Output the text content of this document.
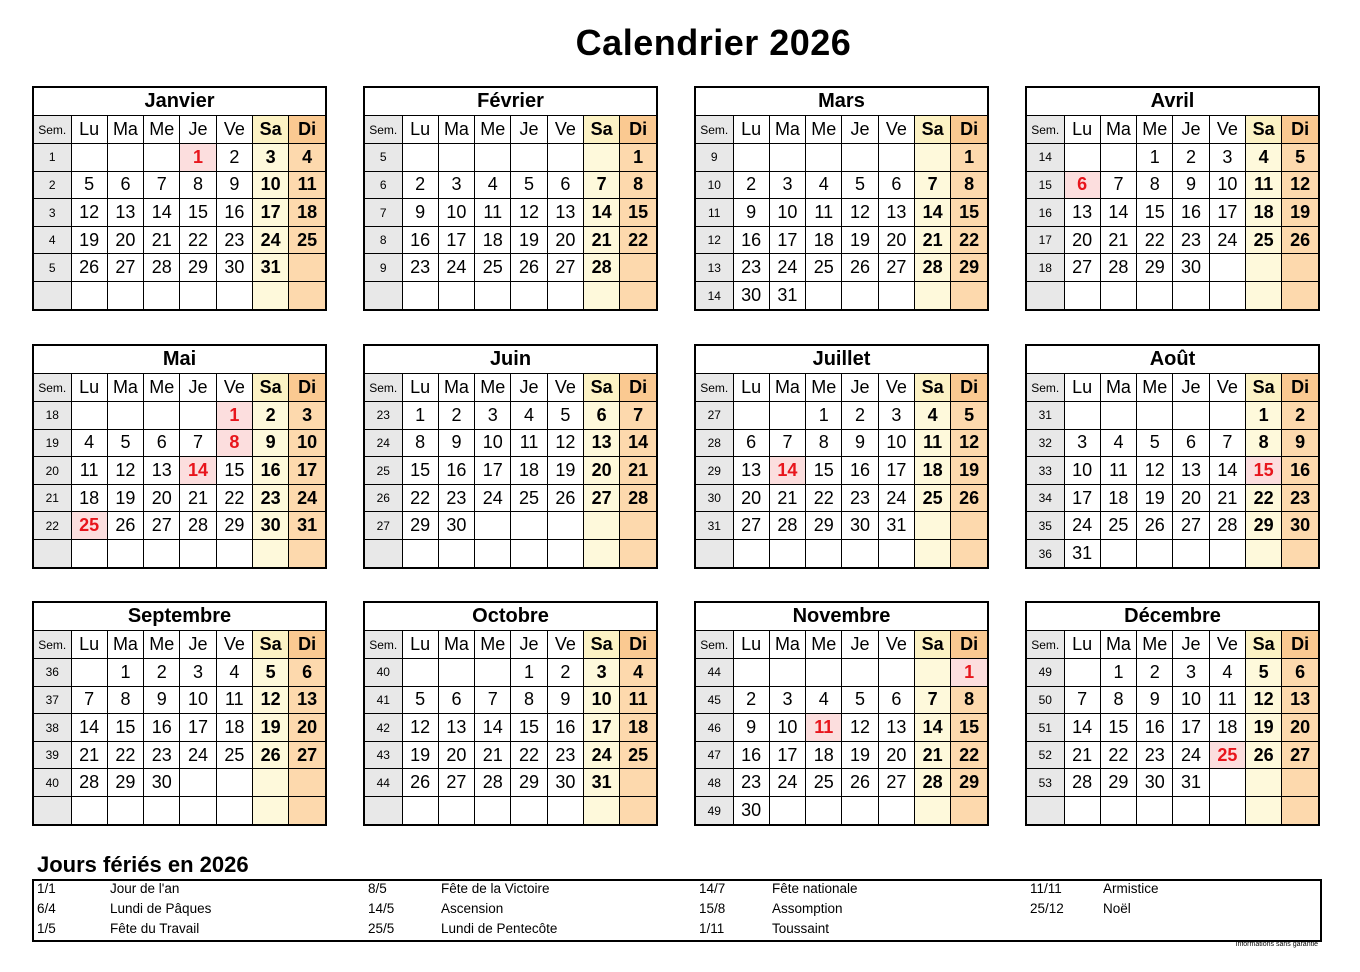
Calendrier 2026
Janvier
Sem.	Lu	Ma	Me	Je	Ve	Sa	Di
1				1	2	3	4
2	5	6	7	8	9	10	11
3	12	13	14	15	16	17	18
4	19	20	21	22	23	24	25
5	26	27	28	29	30	31	

Février
Sem.	Lu	Ma	Me	Je	Ve	Sa	Di
5							1
6	2	3	4	5	6	7	8
7	9	10	11	12	13	14	15
8	16	17	18	19	20	21	22
9	23	24	25	26	27	28	

Mars
Sem.	Lu	Ma	Me	Je	Ve	Sa	Di
9							1
10	2	3	4	5	6	7	8
11	9	10	11	12	13	14	15
12	16	17	18	19	20	21	22
13	23	24	25	26	27	28	29
14	30	31					
Avril
Sem.	Lu	Ma	Me	Je	Ve	Sa	Di
14			1	2	3	4	5
15	6	7	8	9	10	11	12
16	13	14	15	16	17	18	19
17	20	21	22	23	24	25	26
18	27	28	29	30			

Mai
Sem.	Lu	Ma	Me	Je	Ve	Sa	Di
18					1	2	3
19	4	5	6	7	8	9	10
20	11	12	13	14	15	16	17
21	18	19	20	21	22	23	24
22	25	26	27	28	29	30	31

Juin
Sem.	Lu	Ma	Me	Je	Ve	Sa	Di
23	1	2	3	4	5	6	7
24	8	9	10	11	12	13	14
25	15	16	17	18	19	20	21
26	22	23	24	25	26	27	28
27	29	30					

Juillet
Sem.	Lu	Ma	Me	Je	Ve	Sa	Di
27			1	2	3	4	5
28	6	7	8	9	10	11	12
29	13	14	15	16	17	18	19
30	20	21	22	23	24	25	26
31	27	28	29	30	31		

Août
Sem.	Lu	Ma	Me	Je	Ve	Sa	Di
31						1	2
32	3	4	5	6	7	8	9
33	10	11	12	13	14	15	16
34	17	18	19	20	21	22	23
35	24	25	26	27	28	29	30
36	31						
Septembre
Sem.	Lu	Ma	Me	Je	Ve	Sa	Di
36		1	2	3	4	5	6
37	7	8	9	10	11	12	13
38	14	15	16	17	18	19	20
39	21	22	23	24	25	26	27
40	28	29	30				

Octobre
Sem.	Lu	Ma	Me	Je	Ve	Sa	Di
40				1	2	3	4
41	5	6	7	8	9	10	11
42	12	13	14	15	16	17	18
43	19	20	21	22	23	24	25
44	26	27	28	29	30	31	

Novembre
Sem.	Lu	Ma	Me	Je	Ve	Sa	Di
44							1
45	2	3	4	5	6	7	8
46	9	10	11	12	13	14	15
47	16	17	18	19	20	21	22
48	23	24	25	26	27	28	29
49	30						
Décembre
Sem.	Lu	Ma	Me	Je	Ve	Sa	Di
49		1	2	3	4	5	6
50	7	8	9	10	11	12	13
51	14	15	16	17	18	19	20
52	21	22	23	24	25	26	27
53	28	29	30	31			

Jours fériés en 2026
1/1	Jour de l'an
6/4	Lundi de Pâques
1/5	Fête du Travail
8/5	Fête de la Victoire
14/5	Ascension
25/5	Lundi de Pentecôte
14/7	Fête nationale
15/8	Assomption
1/11	Toussaint
11/11	Armistice
25/12	Noël
Informations sans garantie
